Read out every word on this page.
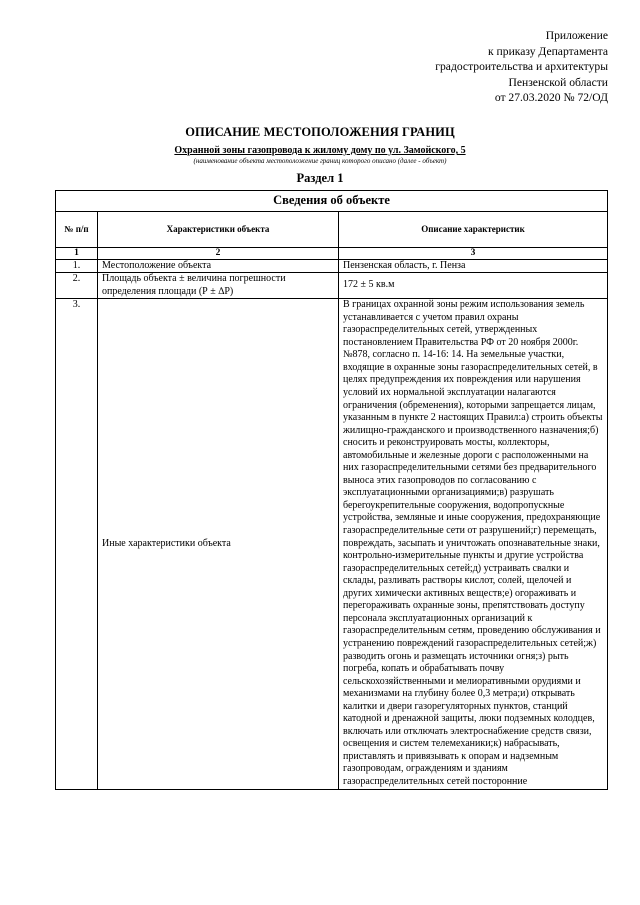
Приложение
к приказу Департамента
градостроительства и архитектуры
Пензенской области
от 27.03.2020 № 72/ОД
ОПИСАНИЕ МЕСТОПОЛОЖЕНИЯ ГРАНИЦ
Охранной зоны газопровода к жилому дому по ул. Замойского, 5
(наименование объекта местоположение границ которого описано (далее - объект)
Раздел 1
Сведения об объекте		
№ п/п	Характеристики объекта	Описание характеристик
1	2	3
1.	Местоположение объекта	Пензенская область, г. Пенза
2.	Площадь объекта ± величина погрешности определения площади (Р ± ∆Р)	172 ± 5 кв.м
3.	Иные характеристики объекта	В границах охранной зоны режим использования земель устанавливается с учетом правил охраны газораспределительных сетей, утвержденных постановлением Правительства РФ от 20 ноября 2000г. №878, согласно п. 14-16: 14. На земельные участки, входящие в охранные зоны газораспределительных сетей, в целях предупреждения их повреждения или нарушения условий их нормальной эксплуатации налагаются ограничения (обременения), которыми запрещается лицам, указанным в пункте 2 настоящих Правил:а) строить объекты жилищно-гражданского и производственного назначения;б) сносить и реконструировать мосты, коллекторы, автомобильные и железные дороги с расположенными на них газораспределительными сетями без предварительного выноса этих газопроводов по согласованию с эксплуатационными организациями;в) разрушать берегоукрепительные сооружения, водопропускные устройства, земляные и иные сооружения, предохраняющие газораспределительные сети от разрушений;г) перемещать, повреждать, засыпать и уничтожать опознавательные знаки, контрольно-измерительные пункты и другие устройства газораспределительных сетей;д) устраивать свалки и склады, разливать растворы кислот, солей, щелочей и других химически активных веществ;е) огораживать и перегораживать охранные зоны, препятствовать доступу персонала эксплуатационных организаций к газораспределительным сетям, проведению обслуживания и устранению повреждений газораспределительных сетей;ж) разводить огонь и размещать источники огня;з) рыть погреба, копать и обрабатывать почву сельскохозяйственными и мелиоративными орудиями и механизмами на глубину более 0,3 метра;и) открывать калитки и двери газорегуляторных пунктов, станций катодной и дренажной защиты, люки подземных колодцев, включать или отключать электроснабжение средств связи, освещения и систем телемеханики;к) набрасывать, приставлять и привязывать к опорам и надземным газопроводам, ограждениям и зданиям газораспределительных сетей посторонние
